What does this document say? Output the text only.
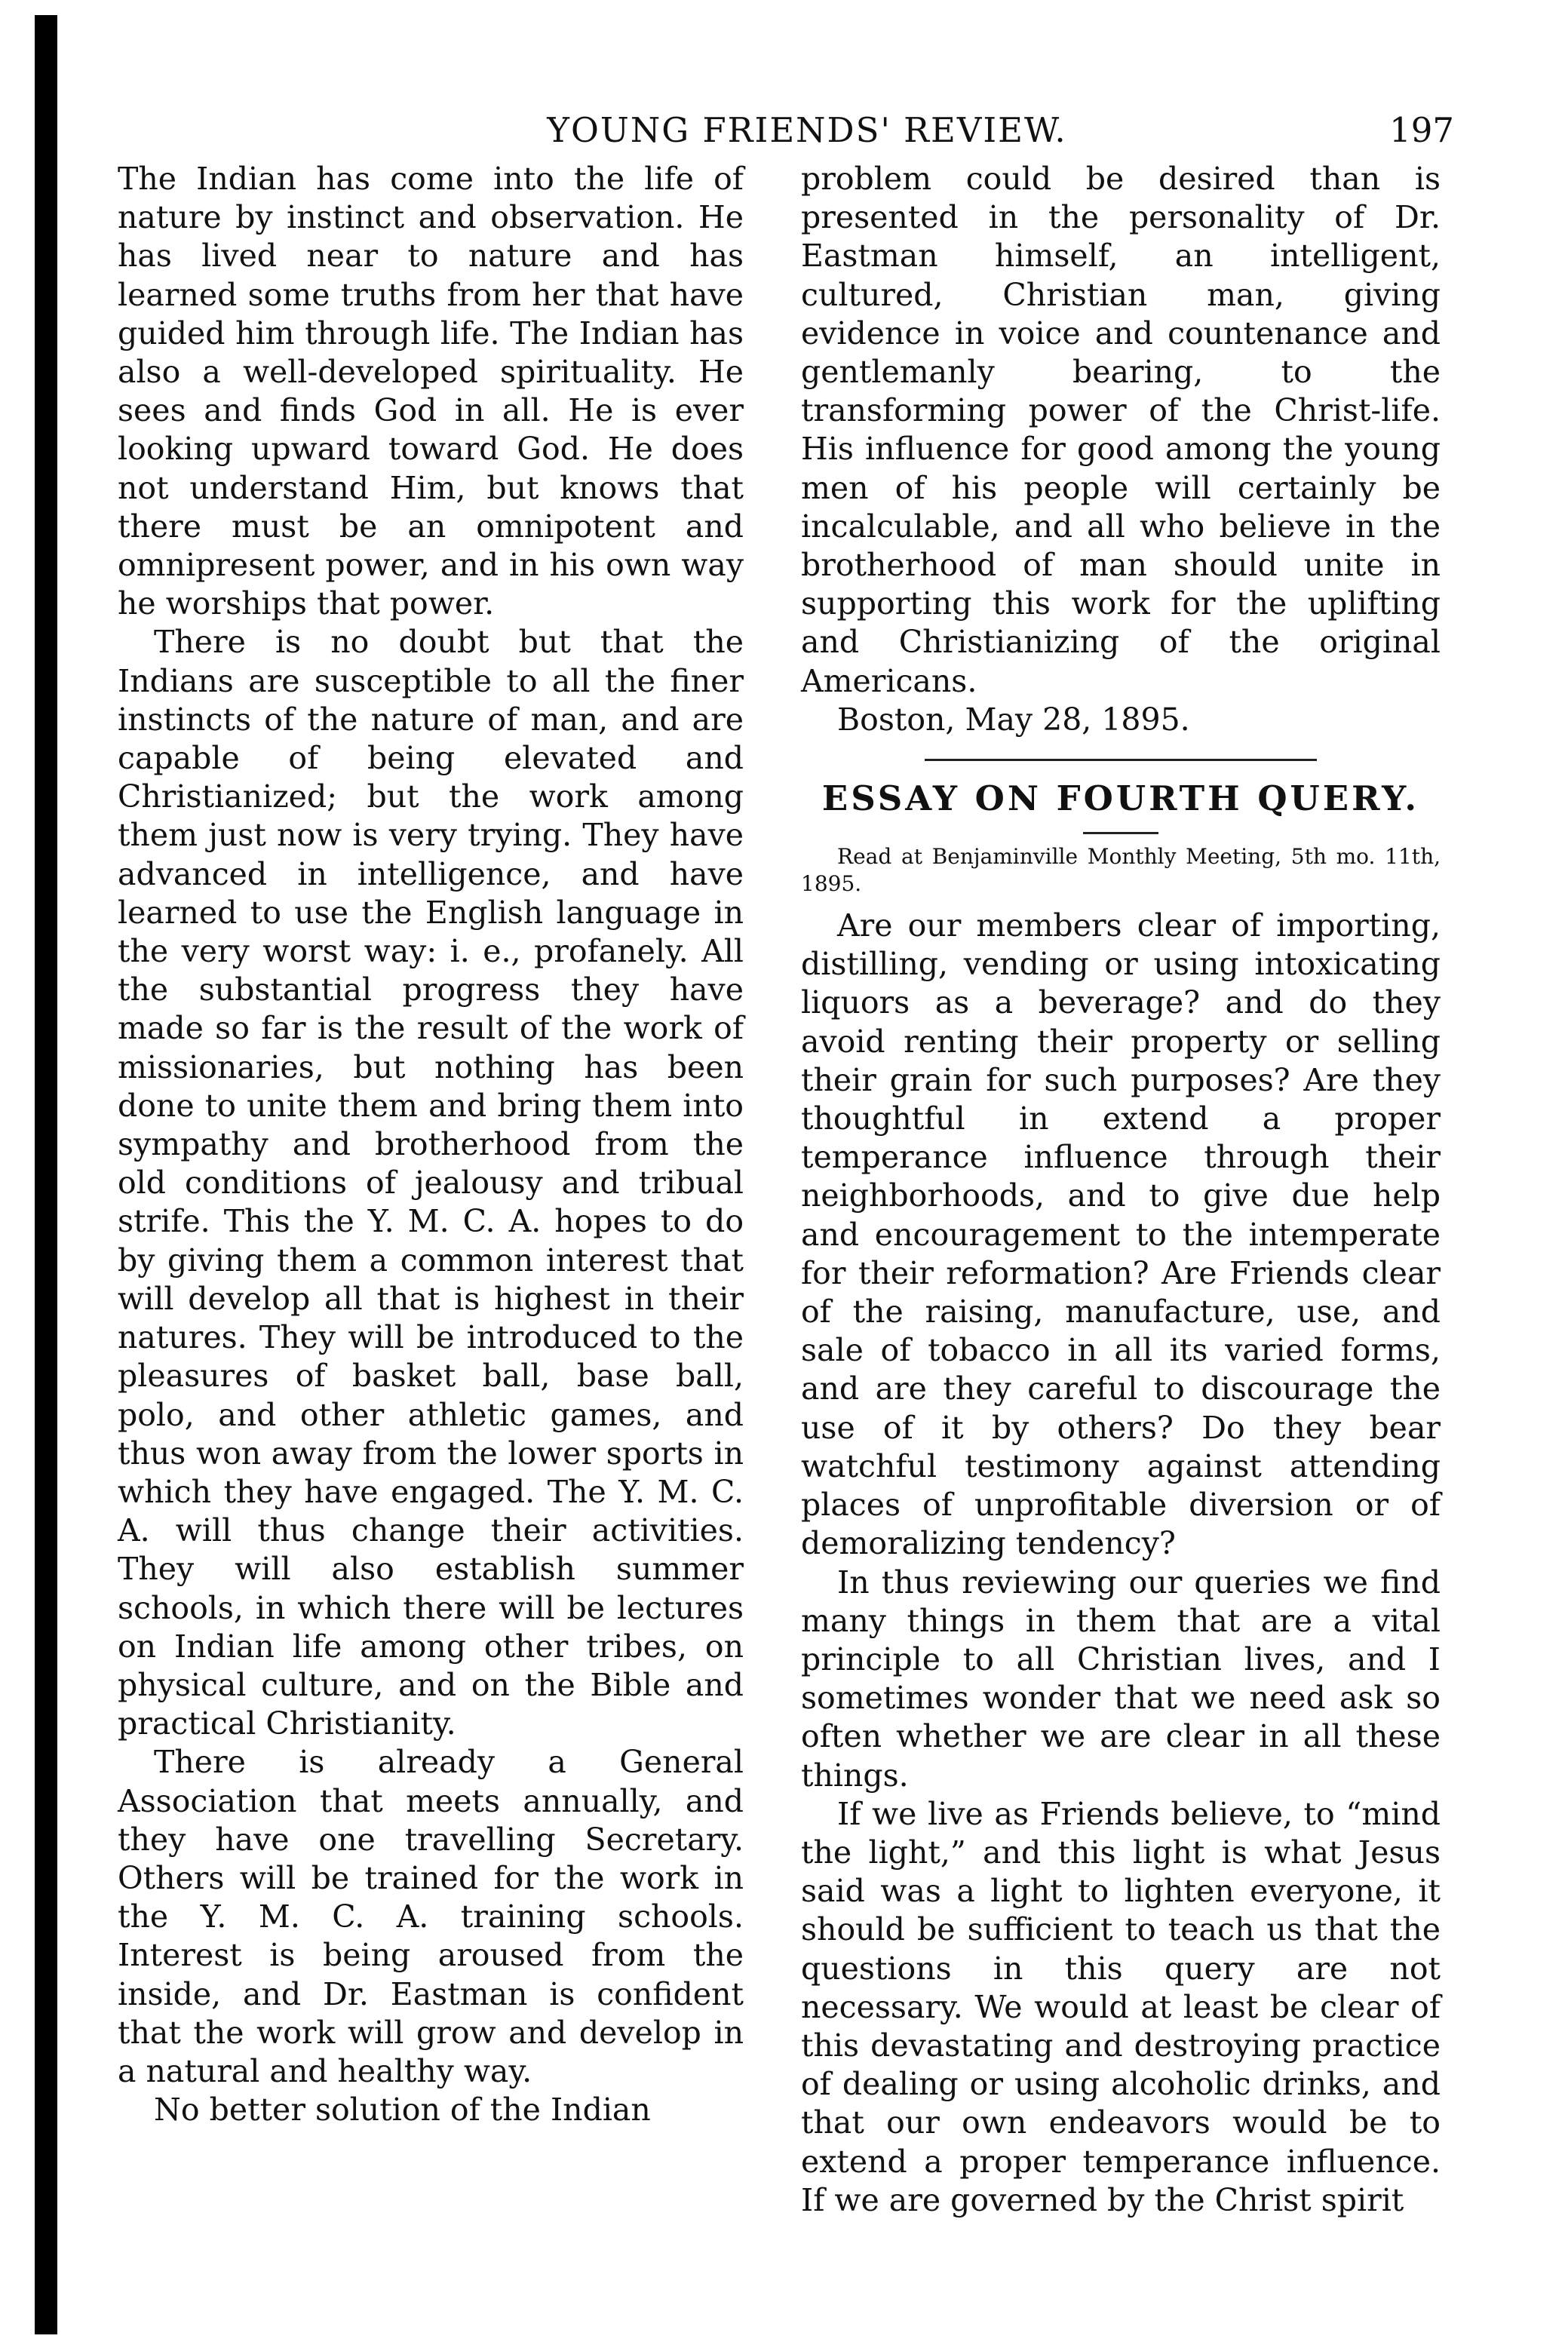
YOUNG FRIENDS' REVIEW.	197

The Indian has come into the life of nature by instinct and observation. He has lived near to nature and has learned some truths from her that have guided him through life. The Indian has also a well-developed spirituality. He sees and finds God in all. He is ever looking upward toward God. He does not understand Him, but knows that there must be an omnipotent and omnipresent power, and in his own way he worships that power.

There is no doubt but that the Indians are susceptible to all the finer instincts of the nature of man, and are capable of being elevated and Christianized; but the work among them just now is very trying. They have advanced in intelligence, and have learned to use the English language in the very worst way: i. e., profanely. All the substantial progress they have made so far is the result of the work of missionaries, but nothing has been done to unite them and bring them into sympathy and brotherhood from the old conditions of jealousy and tribual strife. This the Y. M. C. A. hopes to do by giving them a common interest that will develop all that is highest in their natures. They will be introduced to the pleasures of basket ball, base ball, polo, and other athletic games, and thus won away from the lower sports in which they have engaged. The Y. M. C. A. will thus change their activities. They will also establish summer schools, in which there will be lectures on Indian life among other tribes, on physical culture, and on the Bible and practical Christianity.

There is already a General Association that meets annually, and they have one travelling Secretary. Others will be trained for the work in the Y. M. C. A. training schools. Interest is being aroused from the inside, and Dr. Eastman is confident that the work will grow and develop in a natural and healthy way.

No better solution of the Indian

problem could be desired than is presented in the personality of Dr. Eastman himself, an intelligent, cultured, Christian man, giving evidence in voice and countenance and gentlemanly bearing, to the transforming power of the Christ-life. His influence for good among the young men of his people will certainly be incalculable, and all who believe in the brotherhood of man should unite in supporting this work for the uplifting and Christianizing of the original Americans.

Boston, May 28, 1895.

ESSAY ON FOURTH QUERY.

Read at Benjaminville Monthly Meeting, 5th mo. 11th, 1895.

Are our members clear of importing, distilling, vending or using intoxicating liquors as a beverage? and do they avoid renting their property or selling their grain for such purposes? Are they thoughtful in extend a proper temperance influence through their neighborhoods, and to give due help and encouragement to the intemperate for their reformation? Are Friends clear of the raising, manufacture, use, and sale of tobacco in all its varied forms, and are they careful to discourage the use of it by others? Do they bear watchful testimony against attending places of unprofitable diversion or of demoralizing tendency?

In thus reviewing our queries we find many things in them that are a vital principle to all Christian lives, and I sometimes wonder that we need ask so often whether we are clear in all these things.

If we live as Friends believe, to “mind the light,” and this light is what Jesus said was a light to lighten everyone, it should be sufficient to teach us that the questions in this query are not necessary. We would at least be clear of this devastating and destroying practice of dealing or using alcoholic drinks, and that our own endeavors would be to extend a proper temperance influence. If we are governed by the Christ spirit
